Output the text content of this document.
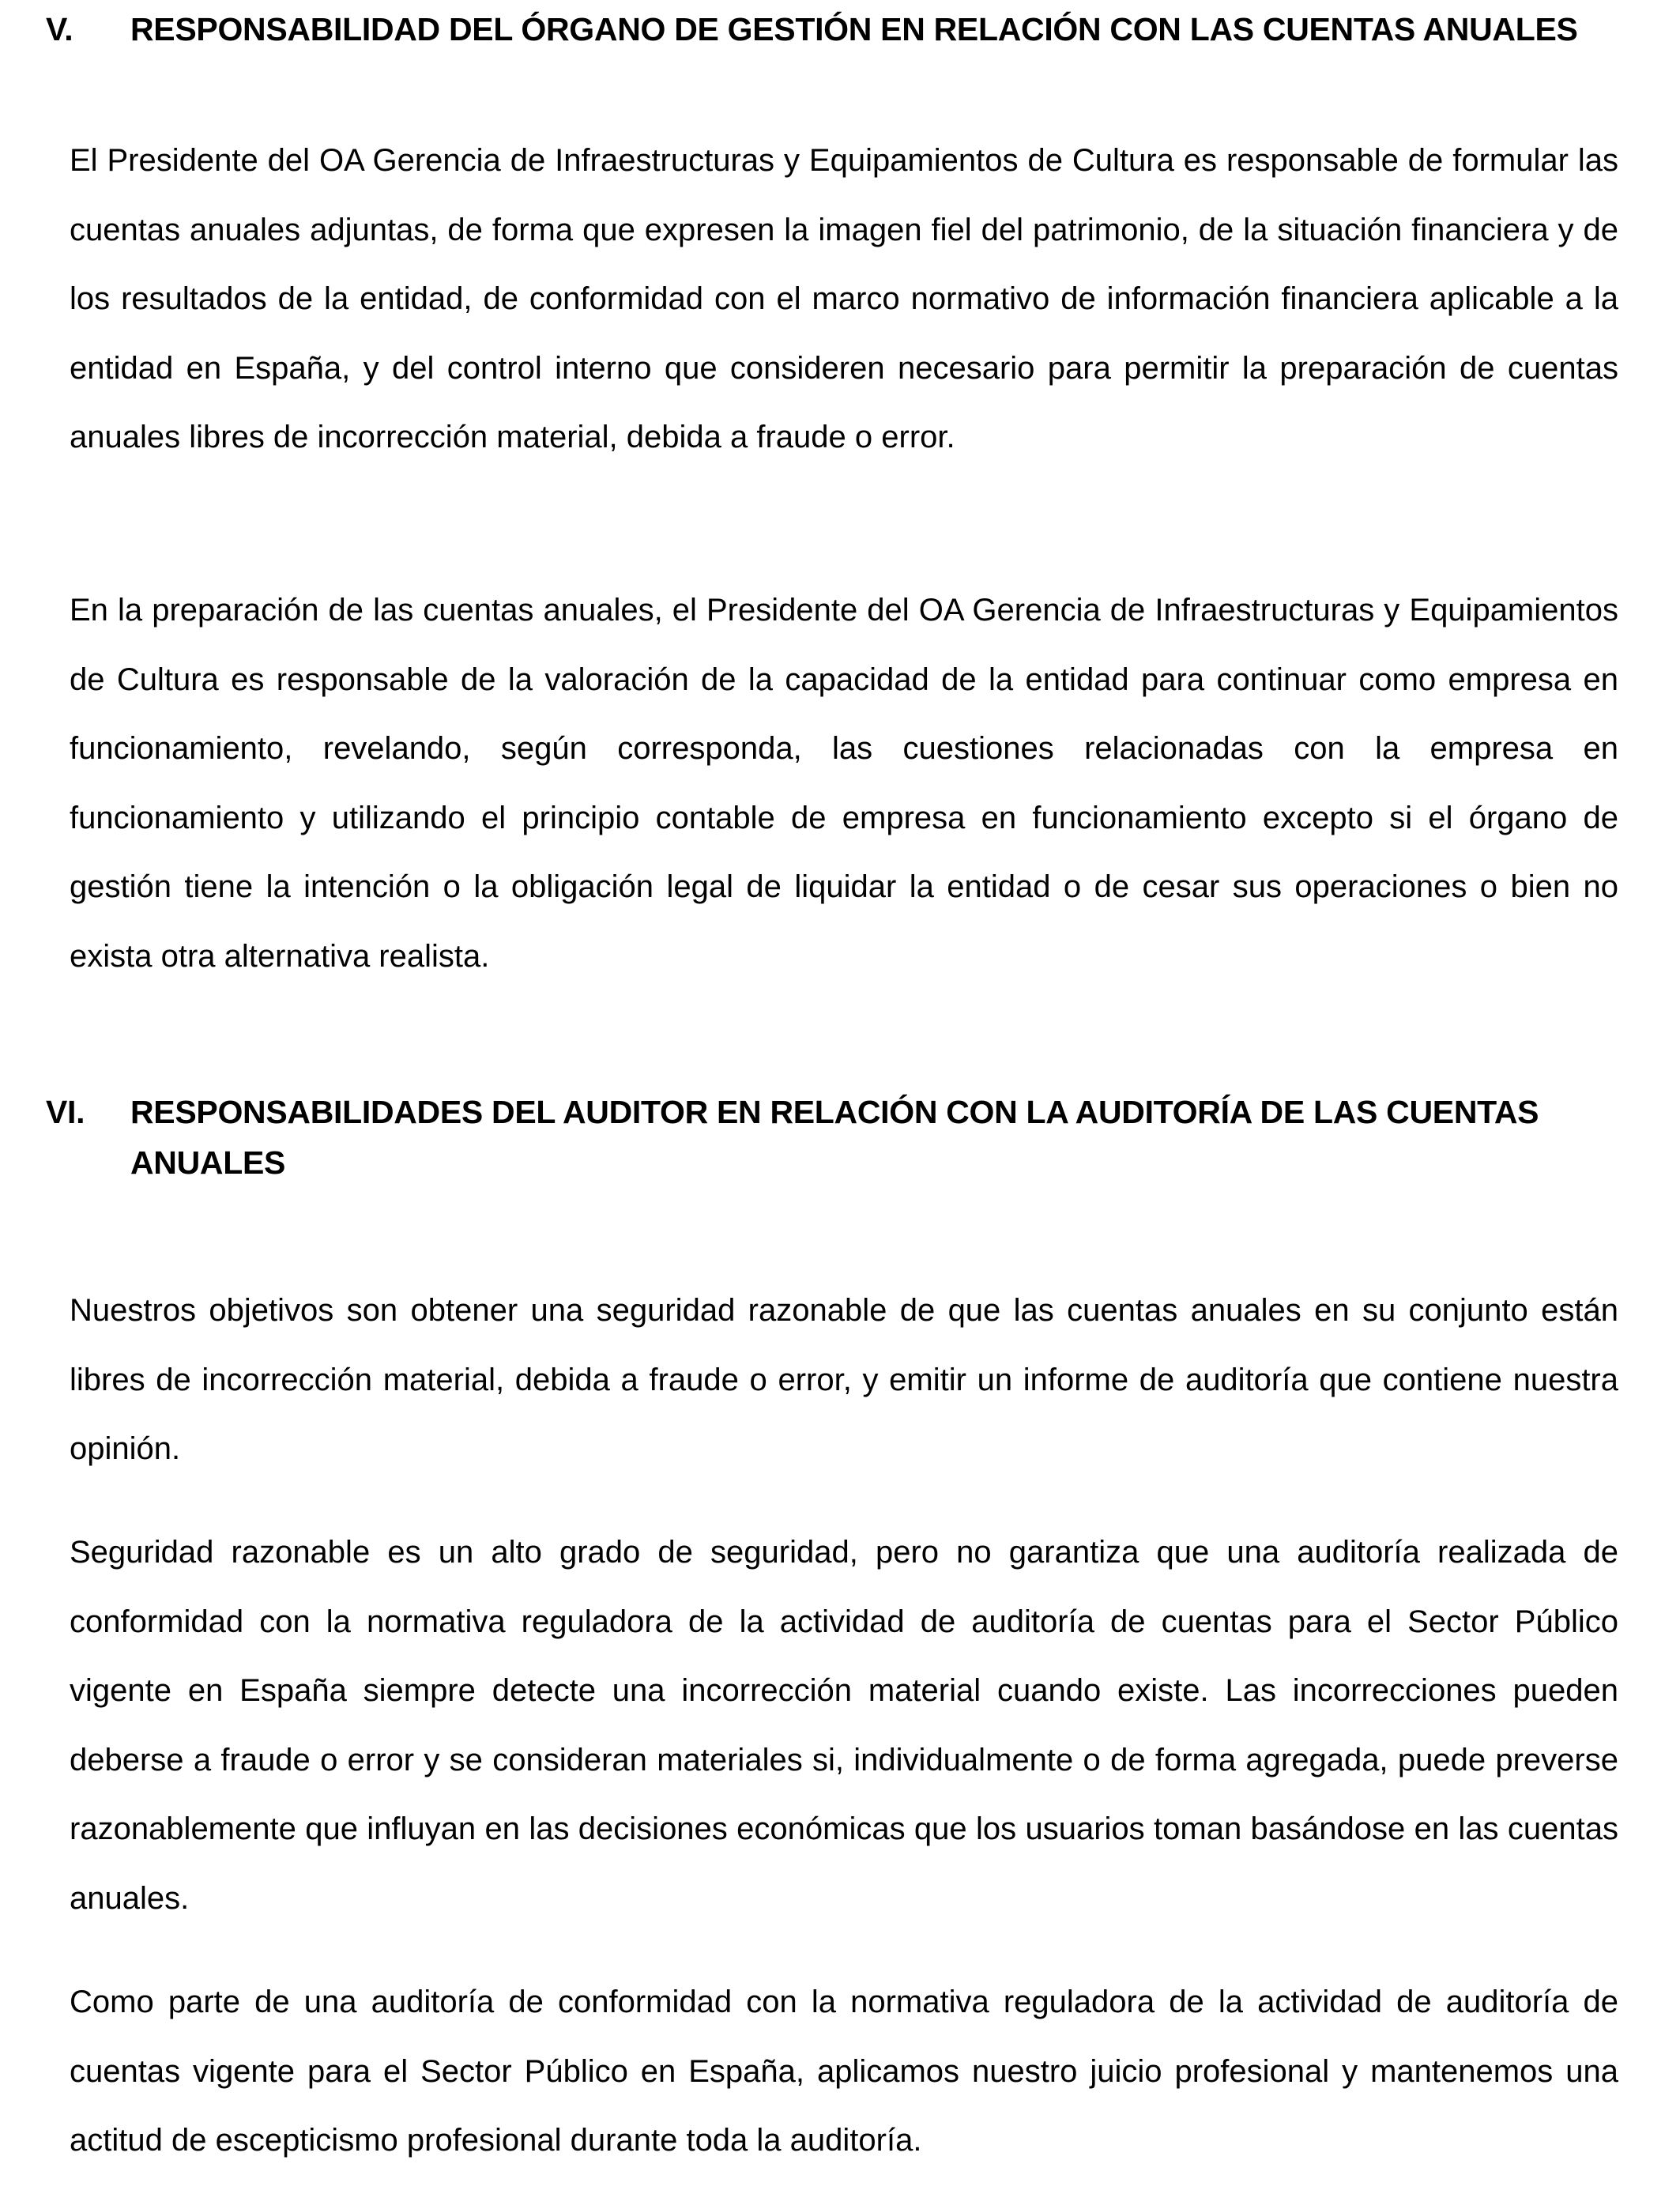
V.	RESPONSABILIDAD DEL ÓRGANO DE GESTIÓN EN RELACIÓN CON LAS CUENTAS ANUALES

El Presidente del OA Gerencia de Infraestructuras y Equipamientos de Cultura es responsable de formular las cuentas anuales adjuntas, de forma que expresen la imagen fiel del patrimonio, de la situación financiera y de los resultados de la entidad, de conformidad con el marco normativo de información financiera aplicable a la entidad en España, y del control interno que consideren necesario para permitir la preparación de cuentas anuales libres de incorrección material, debida a fraude o error.

En la preparación de las cuentas anuales, el Presidente del OA Gerencia de Infraestructuras y Equipamientos de Cultura es responsable de la valoración de la capacidad de la entidad para continuar como empresa en funcionamiento, revelando, según corresponda, las cuestiones relacionadas con la empresa en funcionamiento y utilizando el principio contable de empresa en funcionamiento excepto si el órgano de gestión tiene la intención o la obligación legal de liquidar la entidad o de cesar sus operaciones o bien no exista otra alternativa realista.

VI.	RESPONSABILIDADES DEL AUDITOR EN RELACIÓN CON LA AUDITORÍA DE LAS CUENTAS ANUALES

Nuestros objetivos son obtener una seguridad razonable de que las cuentas anuales en su conjunto están libres de incorrección material, debida a fraude o error, y emitir un informe de auditoría que contiene nuestra opinión.

Seguridad razonable es un alto grado de seguridad, pero no garantiza que una auditoría realizada de conformidad con la normativa reguladora de la actividad de auditoría de cuentas para el Sector Público vigente en España siempre detecte una incorrección material cuando existe. Las incorrecciones pueden deberse a fraude o error y se consideran materiales si, individualmente o de forma agregada, puede preverse razonablemente que influyan en las decisiones económicas que los usuarios toman basándose en las cuentas anuales.

Como parte de una auditoría de conformidad con la normativa reguladora de la actividad de auditoría de cuentas vigente para el Sector Público en España, aplicamos nuestro juicio profesional y mantenemos una actitud de escepticismo profesional durante toda la auditoría.
